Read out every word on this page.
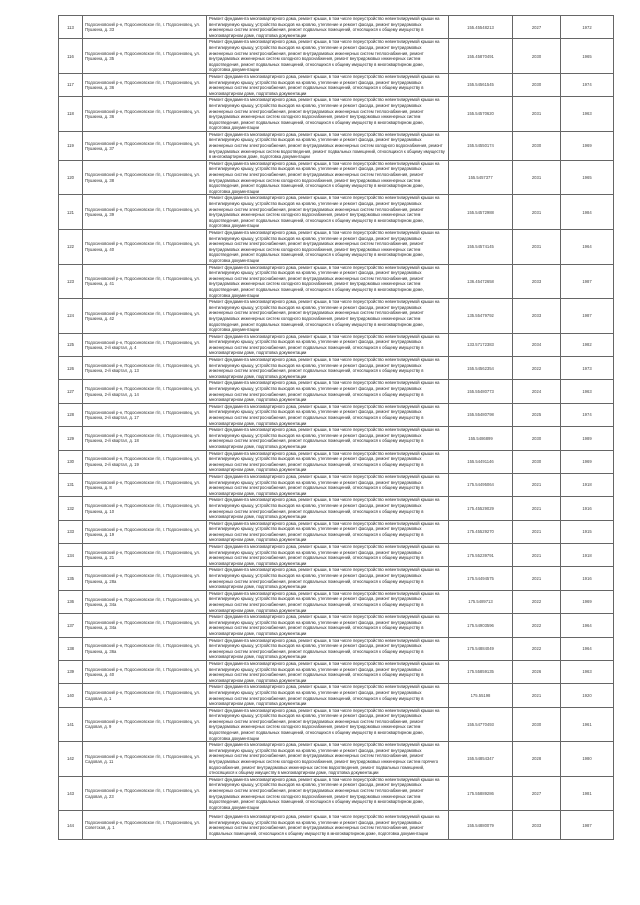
113	Подосиновский р-н, Подосиновское г/п, г. Подосиновец, ул. Пушкина, д. 33	Ремонт фундамента многоквартирного дома, ремонт крыши, в том числе переустройство невентилируемой крыши на вентилируемую крышу, устройство выходов на кровлю, утепление и ремонт фасада, ремонт внутридомовых инженерных систем электроснабжения, ремонт подвальных помещений, относящихся к общему имуществу в многоквартирном доме, подготовка документации	155.45548213	2027	1972
116	Подосиновский р-н, Подосиновское г/п, г. Подосиновец, ул. Пушкина, д. 35	Ремонт фундамента многоквартирного дома, ремонт крыши, в том числе переустройство невентилируемой крыши на вентилируемую крышу, устройство выходов на кровлю, утепление и ремонт фасада, ремонт внутридомовых инженерных систем электроснабжения, ремонт внутридомовых инженерных систем теплоснабжения, ремонт внутридомовых инженерных систем холодного водоснабжения, ремонт внутридомовых инженерных систем водоотведения, ремонт подвальных помещений, относящихся к общему имуществу в многоквартирном доме, подготовка документации	155.45870491	2030	1965
117	Подосиновский р-н, Подосиновское г/п, г. Подосиновец, ул. Пушкина, д. 36	Ремонт фундамента многоквартирного дома, ремонт крыши, в том числе переустройство невентилируемой крыши на вентилируемую крышу, устройство выходов на кровлю, утепление и ремонт фасада, ремонт внутридомовых инженерных систем электроснабжения, ремонт подвальных помещений, относящихся к общему имуществу в многоквартирном доме, подготовка документации	155.54561545	2030	1974
118	Подосиновский р-н, Подосиновское г/п, г. Подосиновец, ул. Пушкина, д. 36	Ремонт фундамента многоквартирного дома, ремонт крыши, в том числе переустройство невентилируемой крыши на вентилируемую крышу, устройство выходов на кровлю, утепление и ремонт фасада, ремонт внутридомовых инженерных систем электроснабжения, ремонт внутридомовых инженерных систем теплоснабжения, ремонт внутридомовых инженерных систем холодного водоснабжения, ремонт внутридомовых инженерных систем водоотведения, ремонт подвальных помещений, относящихся к общему имуществу в многоквартирном доме, подготовка документации	155.54570620	2031	1963
119	Подосиновский р-н, Подосиновское г/п, г. Подосиновец, ул. Пушкина, д. 37	Ремонт фундамента многоквартирного дома, ремонт крыши, в том числе переустройство невентилируемой крыши на вентилируемую крышу, устройство выходов на кровлю, утепление и ремонт фасада, ремонт внутридомовых инженерных систем электроснабжения, ремонт внутридомовых инженерных систем холодного водоснабжения, ремонт внутридомовых инженерных систем водоотведения, ремонт подвальных помещений, относящихся к общему имуществу в многоквартирном доме, подготовка документации	155.54550174	2030	1969
120	Подосиновский р-н, Подосиновское г/п, г. Подосиновец, ул. Пушкина, д. 38	Ремонт фундамента многоквартирного дома, ремонт крыши, в том числе переустройство невентилируемой крыши на вентилируемую крышу, устройство выходов на кровлю, утепление и ремонт фасада, ремонт внутридомовых инженерных систем электроснабжения, ремонт внутридомовых инженерных систем теплоснабжения, ремонт внутридомовых инженерных систем холодного водоснабжения, ремонт внутридомовых инженерных систем водоотведения, ремонт подвальных помещений, относящихся к общему имуществу в многоквартирном доме, подготовка документации	155.5457377	2031	1965
121	Подосиновский р-н, Подосиновское г/п, г. Подосиновец, ул. Пушкина, д. 39	Ремонт фундамента многоквартирного дома, ремонт крыши, в том числе переустройство невентилируемой крыши на вентилируемую крышу, устройство выходов на кровлю, утепление и ремонт фасада, ремонт внутридомовых инженерных систем электроснабжения, ремонт внутридомовых инженерных систем теплоснабжения, ремонт внутридомовых инженерных систем холодного водоснабжения, ремонт внутридомовых инженерных систем водоотведения, ремонт подвальных помещений, относящихся к общему имуществу в многоквартирном доме, подготовка документации	155.54572988	2031	1984
122	Подосиновский р-н, Подосиновское г/п, г. Подосиновец, ул. Пушкина, д. 40	Ремонт фундамента многоквартирного дома, ремонт крыши, в том числе переустройство невентилируемой крыши на вентилируемую крышу, устройство выходов на кровлю, утепление и ремонт фасада, ремонт внутридомовых инженерных систем электроснабжения, ремонт внутридомовых инженерных систем теплоснабжения, ремонт внутридомовых инженерных систем холодного водоснабжения, ремонт внутридомовых инженерных систем водоотведения, ремонт подвальных помещений, относящихся к общему имуществу в многоквартирном доме, подготовка документации	155.54574145	2031	1964
123	Подосиновский р-н, Подосиновское г/п, г. Подосиновец, ул. Пушкина, д. 41	Ремонт фундамента многоквартирного дома, ремонт крыши, в том числе переустройство невентилируемой крыши на вентилируемую крышу, устройство выходов на кровлю, утепление и ремонт фасада, ремонт внутридомовых инженерных систем электроснабжения, ремонт внутридомовых инженерных систем теплоснабжения, ремонт внутридомовых инженерных систем холодного водоснабжения, ремонт внутридомовых инженерных систем водоотведения, ремонт подвальных помещений, относящихся к общему имуществу в многоквартирном доме, подготовка документации	136.45472658	2033	1987
124	Подосиновский р-н, Подосиновское г/п, г. Подосиновец, ул. Пушкина, д. 42	Ремонт фундамента многоквартирного дома, ремонт крыши, в том числе переустройство невентилируемой крыши на вентилируемую крышу, устройство выходов на кровлю, утепление и ремонт фасада, ремонт внутридомовых инженерных систем электроснабжения, ремонт внутридомовых инженерных систем теплоснабжения, ремонт внутридомовых инженерных систем холодного водоснабжения, ремонт внутридомовых инженерных систем водоотведения, ремонт подвальных помещений, относящихся к общему имуществу в многоквартирном доме, подготовка документации	135.55479792	2033	1987
125	Подосиновский р-н, Подосиновское г/п, г. Подосиновец, ул. Пушкина, 2-й квартал, д. 4	Ремонт фундамента многоквартирного дома, ремонт крыши, в том числе переустройство невентилируемой крыши на вентилируемую крышу, устройство выходов на кровлю, утепление и ремонт фасада, ремонт внутридомовых инженерных систем электроснабжения, ремонт подвальных помещений, относящихся к общему имуществу в многоквартирном доме, подготовка документации	133.57172383	2034	1982
126	Подосиновский р-н, Подосиновское г/п, г. Подосиновец, ул. Пушкина, 2-й квартал, д. 13	Ремонт фундамента многоквартирного дома, ремонт крыши, в том числе переустройство невентилируемой крыши на вентилируемую крышу, устройство выходов на кровлю, утепление и ремонт фасада, ремонт внутридомовых инженерных систем электроснабжения, ремонт подвальных помещений, относящихся к общему имуществу в многоквартирном доме, подготовка документации	155.54562354	2022	1973
127	Подосиновский р-н, Подосиновское г/п, г. Подосиновец, ул. Пушкина, 2-й квартал, д. 14	Ремонт фундамента многоквартирного дома, ремонт крыши, в том числе переустройство невентилируемой крыши на вентилируемую крышу, устройство выходов на кровлю, утепление и ремонт фасада, ремонт внутридомовых инженерных систем электроснабжения, ремонт подвальных помещений, относящихся к общему имуществу в многоквартирном доме, подготовка документации	155.55480773	2024	1963
128	Подосиновский р-н, Подосиновское г/п, г. Подосиновец, ул. Пушкина, 2-й квартал, д. 17	Ремонт фундамента многоквартирного дома, ремонт крыши, в том числе переустройство невентилируемой крыши на вентилируемую крышу, устройство выходов на кровлю, утепление и ремонт фасада, ремонт внутридомовых инженерных систем электроснабжения, ремонт подвальных помещений, относящихся к общему имуществу в многоквартирном доме, подготовка документации	155.55480798	2025	1974
129	Подосиновский р-н, Подосиновское г/п, г. Подосиновец, ул. Пушкина, 2-й квартал, д. 18	Ремонт фундамента многоквартирного дома, ремонт крыши, в том числе переустройство невентилируемой крыши на вентилируемую крышу, устройство выходов на кровлю, утепление и ремонт фасада, ремонт внутридомовых инженерных систем электроснабжения, ремонт подвальных помещений, относящихся к общему имуществу в многоквартирном доме, подготовка документации	155.5486899	2030	1989
130	Подосиновский р-н, Подосиновское г/п, г. Подосиновец, ул. Пушкина, 2-й квартал, д. 19	Ремонт фундамента многоквартирного дома, ремонт крыши, в том числе переустройство невентилируемой крыши на вентилируемую крышу, устройство выходов на кровлю, утепление и ремонт фасада, ремонт внутридомовых инженерных систем электроснабжения, ремонт подвальных помещений, относящихся к общему имуществу в многоквартирном доме, подготовка документации	155.54491146	2030	1969
131	Подосиновский р-н, Подосиновское г/п, г. Подосиновец, ул. Пушкина, д. 8	Ремонт фундамента многоквартирного дома, ремонт крыши, в том числе переустройство невентилируемой крыши на вентилируемую крышу, устройство выходов на кровлю, утепление и ремонт фасада, ремонт внутридомовых инженерных систем электроснабжения, ремонт подвальных помещений, относящихся к общему имуществу в многоквартирном доме, подготовка документации	175.54495064	2021	1918
132	Подосиновский р-н, Подосиновское г/п, г. Подосиновец, ул. Пушкина, д. 10	Ремонт фундамента многоквартирного дома, ремонт крыши, в том числе переустройство невентилируемой крыши на вентилируемую крышу, устройство выходов на кровлю, утепление и ремонт фасада, ремонт внутридомовых инженерных систем электроснабжения, ремонт подвальных помещений, относящихся к общему имуществу в многоквартирном доме, подготовка документации	175.45529029	2021	1916
133	Подосиновский р-н, Подосиновское г/п, г. Подосиновец, ул. Пушкина, д. 19	Ремонт фундамента многоквартирного дома, ремонт крыши, в том числе переустройство невентилируемой крыши на вентилируемую крышу, устройство выходов на кровлю, утепление и ремонт фасада, ремонт внутридомовых инженерных систем электроснабжения, ремонт подвальных помещений, относящихся к общему имуществу в многоквартирном доме, подготовка документации	175.45529270	2021	1915
134	Подосиновский р-н, Подосиновское г/п, г. Подосиновец, ул. Пушкина, д. 21	Ремонт фундамента многоквартирного дома, ремонт крыши, в том числе переустройство невентилируемой крыши на вентилируемую крышу, устройство выходов на кровлю, утепление и ремонт фасада, ремонт внутридомовых инженерных систем электроснабжения, ремонт подвальных помещений, относящихся к общему имуществу в многоквартирном доме, подготовка документации	175.55239791	2021	1918
135	Подосиновский р-н, Подосиновское г/п, г. Подосиновец, ул. Пушкина, д. 28а	Ремонт фундамента многоквартирного дома, ремонт крыши, в том числе переустройство невентилируемой крыши на вентилируемую крышу, устройство выходов на кровлю, утепление и ремонт фасада, ремонт внутридомовых инженерных систем электроснабжения, ремонт подвальных помещений, относящихся к общему имуществу в многоквартирном доме, подготовка документации	175.54494575	2021	1916
136	Подосиновский р-н, Подосиновское г/п, г. Подосиновец, ул. Пушкина, д. 34а	Ремонт фундамента многоквартирного дома, ремонт крыши, в том числе переустройство невентилируемой крыши на вентилируемую крышу, устройство выходов на кровлю, утепление и ремонт фасада, ремонт внутридомовых инженерных систем электроснабжения, ремонт подвальных помещений, относящихся к общему имуществу в многоквартирном доме, подготовка документации	175.5489713	2022	1969
137	Подосиновский р-н, Подосиновское г/п, г. Подосиновец, ул. Пушкина, д. 34а	Ремонт фундамента многоквартирного дома, ремонт крыши, в том числе переустройство невентилируемой крыши на вентилируемую крышу, устройство выходов на кровлю, утепление и ремонт фасада, ремонт внутридомовых инженерных систем электроснабжения, ремонт подвальных помещений, относящихся к общему имуществу в многоквартирном доме, подготовка документации	175.54903596	2022	1964
138	Подосиновский р-н, Подосиновское г/п, г. Подосиновец, ул. Пушкина, д. 36а	Ремонт фундамента многоквартирного дома, ремонт крыши, в том числе переустройство невентилируемой крыши на вентилируемую крышу, устройство выходов на кровлю, утепление и ремонт фасада, ремонт внутридомовых инженерных систем электроснабжения, ремонт подвальных помещений, относящихся к общему имуществу в многоквартирном доме, подготовка документации	175.54884049	2022	1964
139	Подосиновский р-н, Подосиновское г/п, г. Подосиновец, ул. Пушкина, д. 40	Ремонт фундамента многоквартирного дома, ремонт крыши, в том числе переустройство невентилируемой крыши на вентилируемую крышу, устройство выходов на кровлю, утепление и ремонт фасада, ремонт внутридомовых инженерных систем электроснабжения, ремонт подвальных помещений, относящихся к общему имуществу в многоквартирном доме, подготовка документации	175.55859135	2026	1963
140	Подосиновский р-н, Подосиновское г/п, г. Подосиновец, ул. Садовая, д. 1	Ремонт фундамента многоквартирного дома, ремонт крыши, в том числе переустройство невентилируемой крыши на вентилируемую крышу, устройство выходов на кровлю, утепление и ремонт фасада, ремонт внутридомовых инженерных систем электроснабжения, ремонт подвальных помещений, относящихся к общему имуществу в многоквартирном доме, подготовка документации	175.55198	2021	1920
141	Подосиновский р-н, Подосиновское г/п, г. Подосиновец, ул. Садовая, д. 9	Ремонт фундамента многоквартирного дома, ремонт крыши, в том числе переустройство невентилируемой крыши на вентилируемую крышу, устройство выходов на кровлю, утепление и ремонт фасада, ремонт внутридомовых инженерных систем электроснабжения, ремонт внутридомовых инженерных систем теплоснабжения, ремонт внутридомовых инженерных систем холодного водоснабжения, ремонт внутридомовых инженерных систем водоотведения, ремонт подвальных помещений, относящихся к общему имуществу в многоквартирном доме, подготовка документации	155.54770493	2030	1961
142	Подосиновский р-н, Подосиновское г/п, г. Подосиновец, ул. Садовая, д. 11	Ремонт фундамента многоквартирного дома, ремонт крыши, в том числе переустройство невентилируемой крыши на вентилируемую крышу, устройство выходов на кровлю, утепление и ремонт фасада, ремонт внутридомовых инженерных систем электроснабжения, ремонт внутридомовых инженерных систем теплоснабжения, ремонт внутридомовых инженерных систем холодного водоснабжения, ремонт внутридомовых инженерных систем горячего водоснабжения, ремонт внутридомовых инженерных систем водоотведения, ремонт подвальных помещений, относящихся к общему имуществу в многоквартирном доме, подготовка документации	155.54854347	2028	1980
143	Подосиновский р-н, Подосиновское г/п, г. Подосиновец, ул. Садовая, д. 23	Ремонт фундамента многоквартирного дома, ремонт крыши, в том числе переустройство невентилируемой крыши на вентилируемую крышу, устройство выходов на кровлю, утепление и ремонт фасада, ремонт внутридомовых инженерных систем электроснабжения, ремонт внутридомовых инженерных систем теплоснабжения, ремонт внутридомовых инженерных систем холодного водоснабжения, ремонт внутридомовых инженерных систем водоотведения, ремонт подвальных помещений, относящихся к общему имуществу в многоквартирном доме, подготовка документации	175.55889286	2027	1981
144	Подосиновский р-н, Подосиновское г/п, г. Подосиновец, ул. Советская, д. 1	Ремонт фундамента многоквартирного дома, ремонт крыши, в том числе переустройство невентилируемой крыши на вентилируемую крышу, устройство выходов на кровлю, утепление и ремонт фасада, ремонт внутридомовых инженерных систем электроснабжения, ремонт внутридомовых инженерных систем теплоснабжения, ремонт подвальных помещений, относящихся к общему имуществу в многоквартирном доме, подготовка документации	155.54880079	2033	1987
